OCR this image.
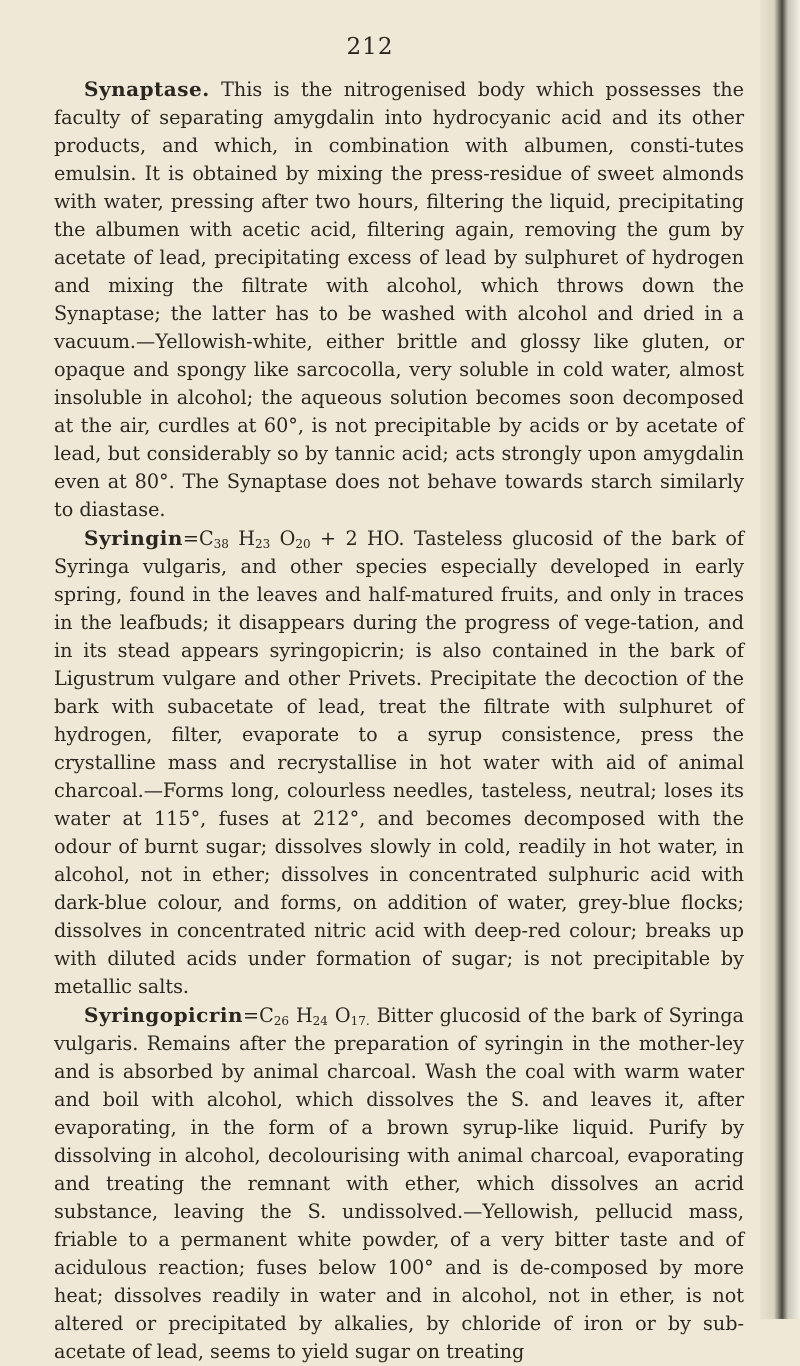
212

Synaptase. This is the nitrogenised body which possesses the faculty of separating amygdalin into hydrocyanic acid and its other products, and which, in combination with albumen, consti-tutes emulsin. It is obtained by mixing the press-residue of sweet almonds with water, pressing after two hours, filtering the liquid, precipitating the albumen with acetic acid, filtering again, removing the gum by acetate of lead, precipitating excess of lead by sulphuret of hydrogen and mixing the filtrate with alcohol, which throws down the Synaptase; the latter has to be washed with alcohol and dried in a vacuum.—Yellowish-white, either brittle and glossy like gluten, or opaque and spongy like sarcocolla, very soluble in cold water, almost insoluble in alcohol; the aqueous solution becomes soon decomposed at the air, curdles at 60°, is not precipitable by acids or by acetate of lead, but considerably so by tannic acid; acts strongly upon amygdalin even at 80°. The Synaptase does not behave towards starch similarly to diastase.

$Syringin=C_{38}$ $H_{23}$ $O_{20} + 2$ HO. Tasteless glucosid of the bark of Syringa vulgaris, and other species especially developed in early spring, found in the leaves and half-matured fruits, and only in traces in the leafbuds; it disappears during the progress of vege-tation, and in its stead appears syringopicrin; is also contained in the bark of Ligustrum vulgare and other Privets. Precipitate the decoction of the bark with subacetate of lead, treat the filtrate with sulphuret of hydrogen, filter, evaporate to a syrup consistence, press the crystalline mass and recrystallise in hot water with aid of animal charcoal.—Forms long, colourless needles, tasteless, neutral; loses its water at 115°, fuses at 212°, and becomes decomposed with the odour of burnt sugar; dissolves slowly in cold, readily in hot water, in alcohol, not in ether; dissolves in concentrated sulphuric acid with dark-blue colour, and forms, on addition of water, grey-blue flocks; dissolves in concentrated nitric acid with deep-red colour; breaks up with diluted acids under formation of sugar; is not precipitable by metallic salts.

$Syringopicrin=C_{26}$ $H_{24}$ $O_{17.}$ Bitter glucosid of the bark of Syringa vulgaris. Remains after the preparation of syringin in the mother-ley and is absorbed by animal charcoal. Wash the coal with warm water and boil with alcohol, which dissolves the S. and leaves it, after evaporating, in the form of a brown syrup-like liquid. Purify by dissolving in alcohol, decolourising with animal charcoal, evaporating and treating the remnant with ether, which dissolves an acrid substance, leaving the S. undissolved.—Yellowish, pellucid mass, friable to a permanent white powder, of a very bitter taste and of acidulous reaction; fuses below 100° and is de-composed by more heat; dissolves readily in water and in alcohol, not in ether, is not altered or precipitated by alkalies, by chloride of iron or by sub-acetate of lead, seems to yield sugar on treating
